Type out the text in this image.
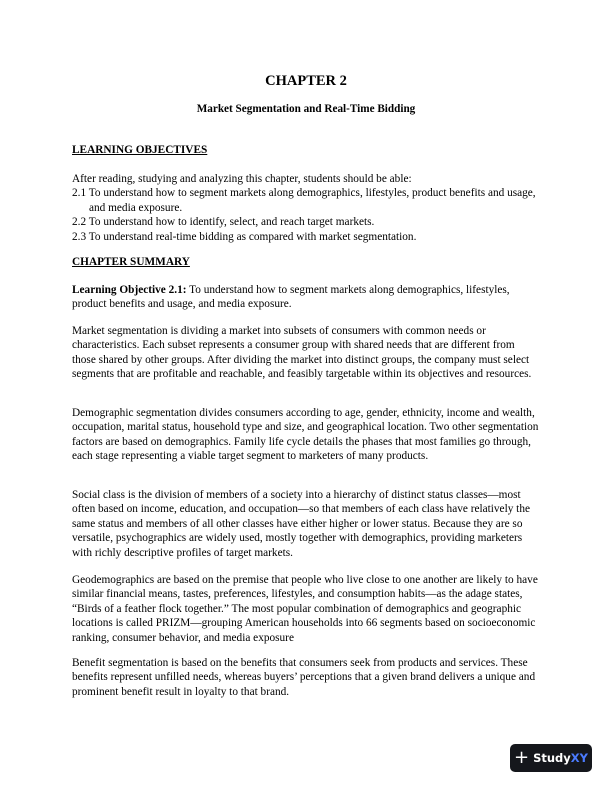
CHAPTER 2
Market Segmentation and Real-Time Bidding
LEARNING OBJECTIVES

After reading, studying and analyzing this chapter, students should be able:

2.1 To understand how to segment markets along demographics, lifestyles, product benefits and usage, and media exposure.
2.2 To understand how to identify, select, and reach target markets.
2.3 To understand real-time bidding as compared with market segmentation.
CHAPTER SUMMARY

Learning Objective 2.1: To understand how to segment markets along demographics, lifestyles, product benefits and usage, and media exposure.

Market segmentation is dividing a market into subsets of consumers with common needs or characteristics. Each subset represents a consumer group with shared needs that are different from those shared by other groups. After dividing the market into distinct groups, the company must select segments that are profitable and reachable, and feasibly targetable within its objectives and resources.

Demographic segmentation divides consumers according to age, gender, ethnicity, income and wealth, occupation, marital status, household type and size, and geographical location. Two other segmentation factors are based on demographics. Family life cycle details the phases that most families go through, each stage representing a viable target segment to marketers of many products.

Social class is the division of members of a society into a hierarchy of distinct status classes—most often based on income, education, and occupation—so that members of each class have relatively the same status and members of all other classes have either higher or lower status. Because they are so versatile, psychographics are widely used, mostly together with demographics, providing marketers with richly descriptive profiles of target markets.

Geodemographics are based on the premise that people who live close to one another are likely to have similar financial means, tastes, preferences, lifestyles, and consumption habits—as the adage states, “Birds of a feather flock together.” The most popular combination of demographics and geographic locations is called PRIZM—grouping American households into 66 segments based on socioeconomic ranking, consumer behavior, and media exposure

Benefit segmentation is based on the benefits that consumers seek from products and services. These benefits represent unfilled needs, whereas buyers’ perceptions that a given brand delivers a unique and prominent benefit result in loyalty to that brand.

+ StudyXY
